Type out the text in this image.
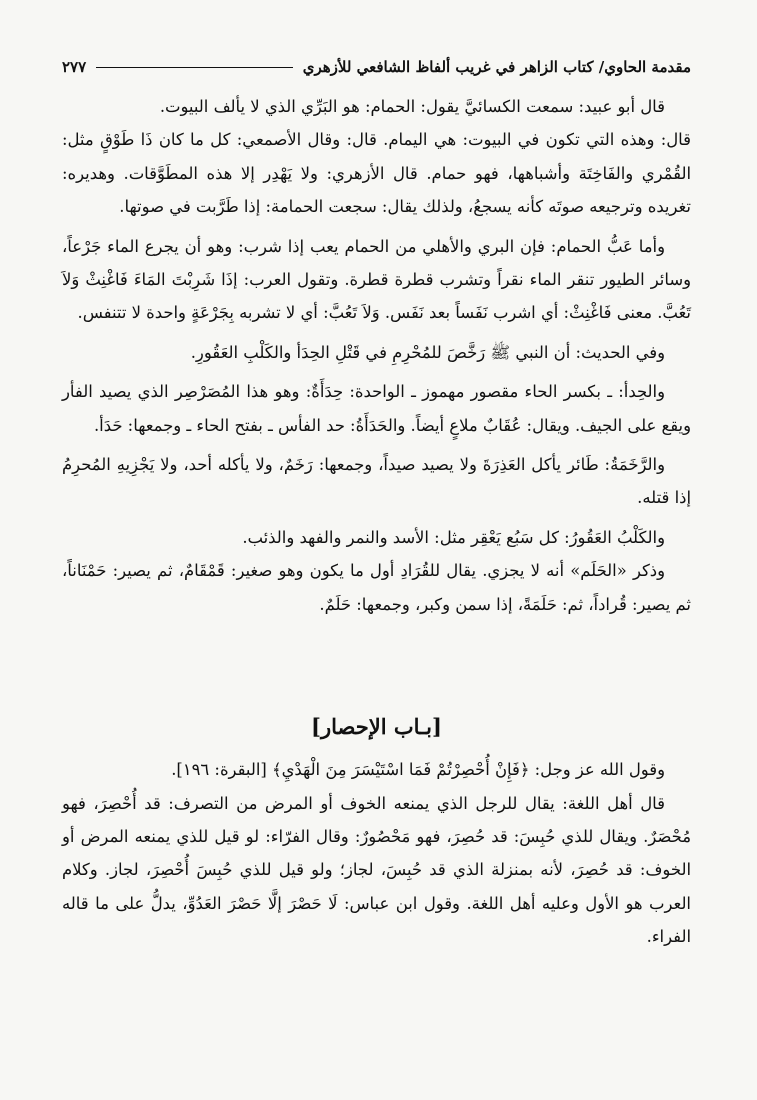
مقدمة الحاوي/ كتاب الزاهر في غريب ألفاظ الشافعي للأزهري
٢٧٧

قال أبو عبيد: سمعت الكسائيَّ يقول: الحمام: هو البَرِّي الذي لا يألف البيوت.

قال: وهذه التي تكون في البيوت: هي اليمام. قال: وقال الأصمعي: كل ما كان ذَا طَوْقٍ مثل: القُمْري والفَاخِتَة وأشباهها، فهو حمام. قال الأزهري: ولا يَهْدِر إلا هذه المطَوَّقات. وهديره: تغريده وترجيعه صوتَه كأنه يسجعُ، ولذلك يقال: سجعت الحمامة: إذا طَرَّبت في صوتها.

وأما عَبُّ الحمام: فإن البري والأهلي من الحمام يعب إذا شرب: وهو أن يجرع الماء جَرْعاً، وسائر الطيور تنقر الماء نقراً وتشرب قطرة قطرة. وتقول العرب: إذَا شَرِبْتَ المَاءَ فَاغْنِثْ وَلاَ تَعُبَّ. معنى فَاغْنِثْ: أي اشرب نَفَساً بعد نَفَس. وَلاَ تَعُبَّ: أي لا تشربه بِجَرْعَةٍ واحدة لا تتنفس.

وفي الحديث: أن النبي ﷺ رَخَّصَ للمُحْرِمِ في قَتْلِ الحِدَأ والكَلْبِ العَقُورِ.

والحِدأ: ـ بكسر الحاء مقصور مهموز ـ الواحدة: حِدَأَةٌ: وهو هذا المُصَرْصِر الذي يصيد الفأر ويقع على الجيف. ويقال: عُقَابٌ ملاعٍ أيضاً. والحَدَأَةُ: حد الفأس ـ بفتح الحاء ـ وجمعها: حَدَأ.

والرَّخَمَةُ: طَائر يأكل العَذِرَةَ ولا يصيد صيداً، وجمعها: رَخَمٌ، ولا يأكله أحد، ولا يَجْزِيهِ المُحرِمُ إذا قتله.

والكَلْبُ العَقُورُ: كل سَبُع يَعْقِر مثل: الأسد والنمر والفهد والذئب.

وذكر «الحَلَم» أنه لا يجزي. يقال للقُرَادِ أول ما يكون وهو صغير: قَمْقَامٌ، ثم يصير: حَمْنَاناً، ثم يصير: قُراداً، ثم: حَلَمَةً، إذا سمن وكبر، وجمعها: حَلَمٌ.

[بـاب الإحصار]

وقول الله عز وجل: ﴿فَإِنْ أُحْصِرْتُمْ فَمَا اسْتَيْسَرَ مِنَ الْهَدْيِ﴾ [البقرة: ١٩٦].

قال أهل اللغة: يقال للرجل الذي يمنعه الخوف أو المرض من التصرف: قد أُحْصِرَ، فهو مُحْصَرٌ. ويقال للذي حُبِسَ: قد حُصِرَ، فهو مَحْصُورٌ: وقال الفرّاء: لو قيل للذي يمنعه المرض أو الخوف: قد حُصِرَ، لأنه بمنزلة الذي قد حُبِسَ، لجاز؛ ولو قيل للذي حُبِسَ أُحْصِرَ، لجاز. وكلام العرب هو الأول وعليه أهل اللغة. وقول ابن عباس: لَا حَصْرَ إلَّا حَصْرَ العَدُوِّ، يدلُّ على ما قاله الفراء.
